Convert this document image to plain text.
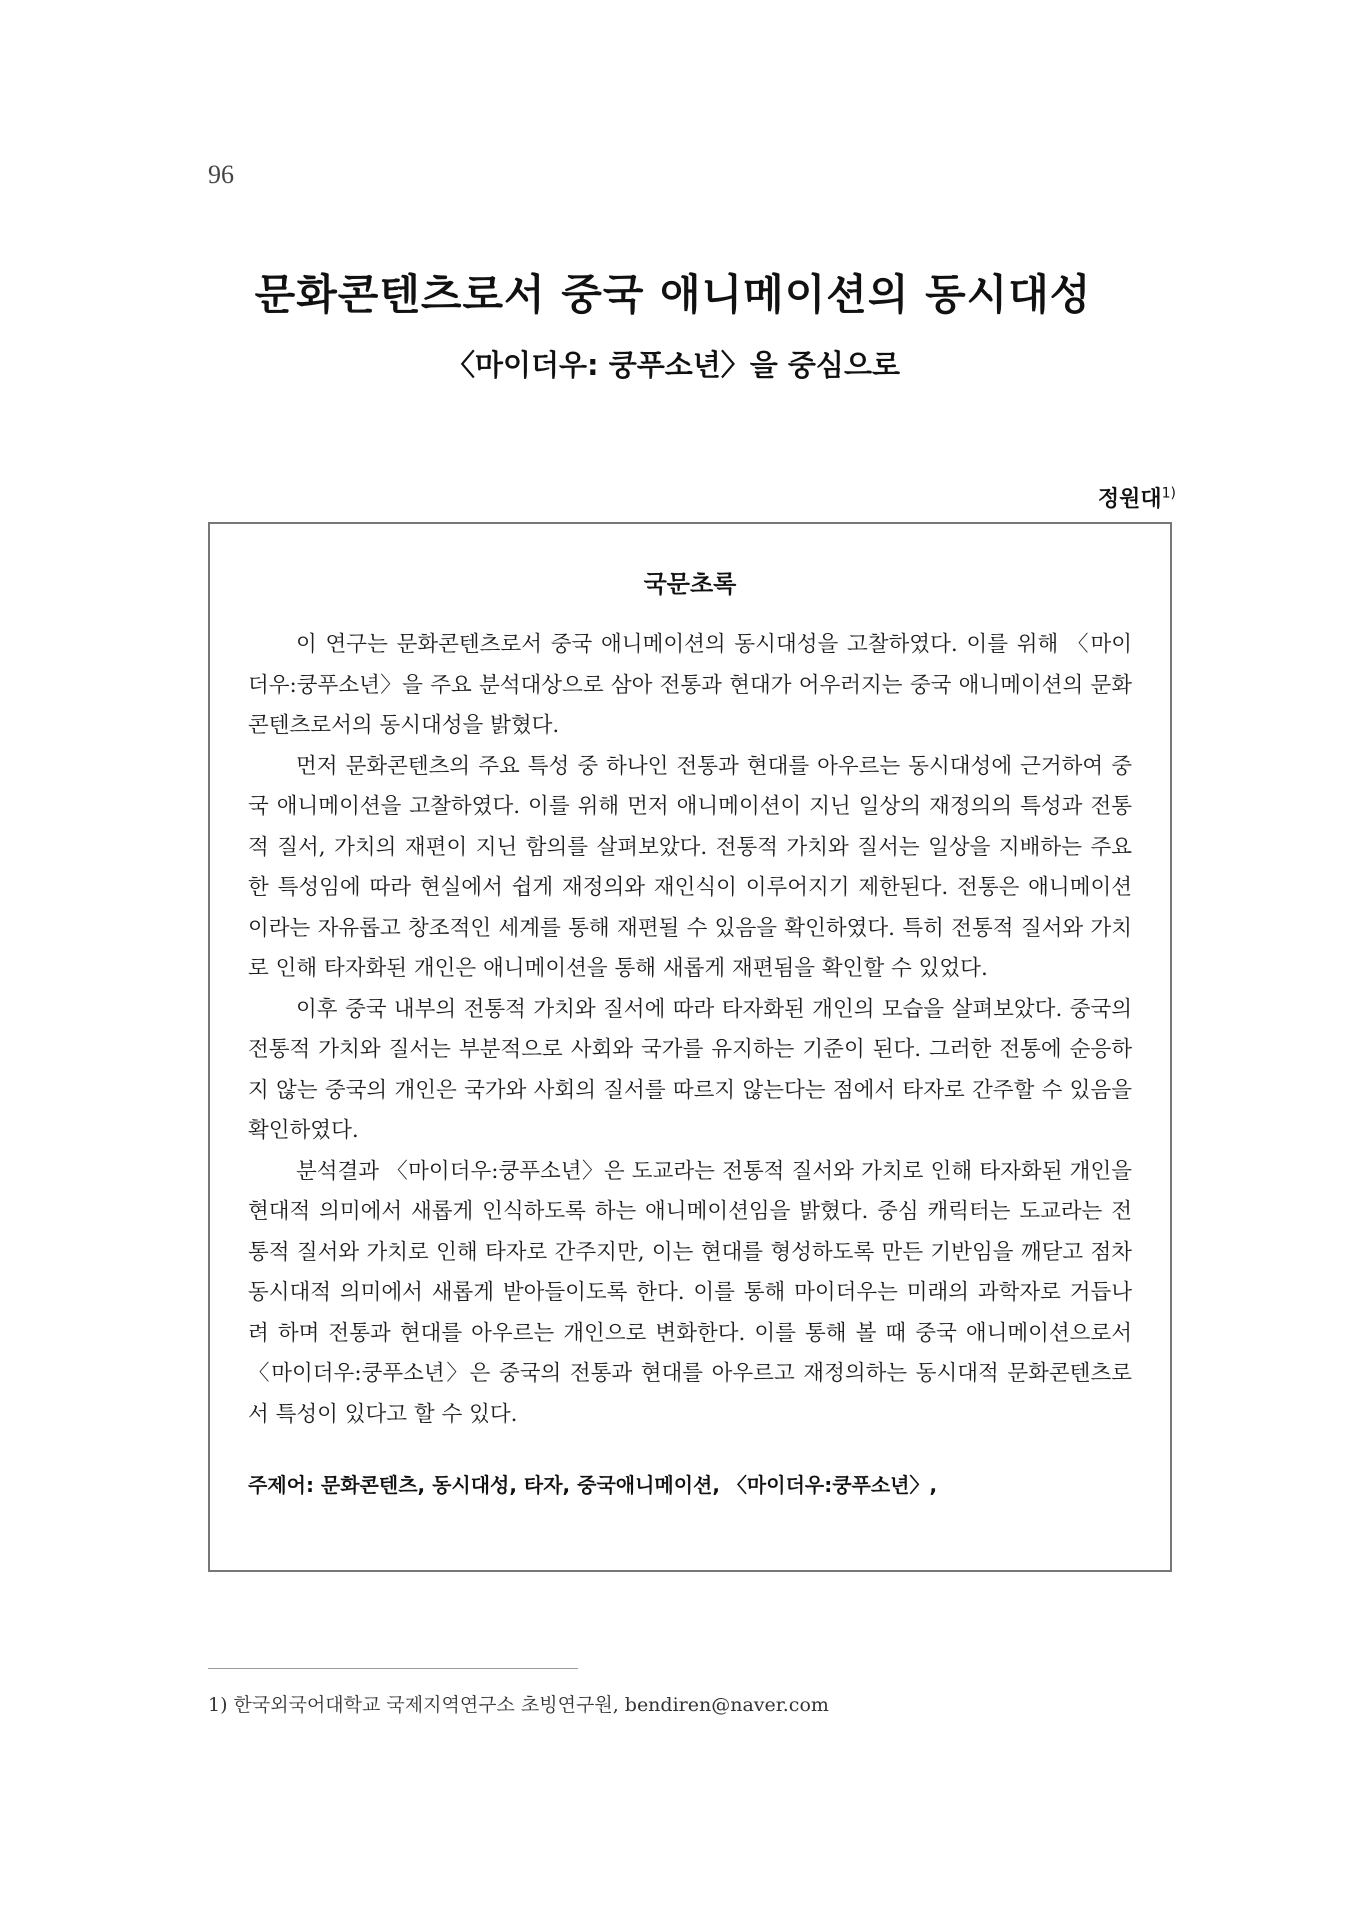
96
문화콘텐츠로서 중국 애니메이션의 동시대성
〈마이더우: 쿵푸소년〉을 중심으로
정원대$^{1)}$
국문초록

이 연구는 문화콘텐츠로서 중국 애니메이션의 동시대성을 고찰하였다. 이를 위해 〈마이더우:쿵푸소년〉을 주요 분석대상으로 삼아 전통과 현대가 어우러지는 중국 애니메이션의 문화콘텐츠로서의 동시대성을 밝혔다.

먼저 문화콘텐츠의 주요 특성 중 하나인 전통과 현대를 아우르는 동시대성에 근거하여 중국 애니메이션을 고찰하였다. 이를 위해 먼저 애니메이션이 지닌 일상의 재정의의 특성과 전통적 질서, 가치의 재편이 지닌 함의를 살펴보았다. 전통적 가치와 질서는 일상을 지배하는 주요한 특성임에 따라 현실에서 쉽게 재정의와 재인식이 이루어지기 제한된다. 전통은 애니메이션이라는 자유롭고 창조적인 세계를 통해 재편될 수 있음을 확인하였다. 특히 전통적 질서와 가치로 인해 타자화된 개인은 애니메이션을 통해 새롭게 재편됨을 확인할 수 있었다.

이후 중국 내부의 전통적 가치와 질서에 따라 타자화된 개인의 모습을 살펴보았다. 중국의 전통적 가치와 질서는 부분적으로 사회와 국가를 유지하는 기준이 된다. 그러한 전통에 순응하지 않는 중국의 개인은 국가와 사회의 질서를 따르지 않는다는 점에서 타자로 간주할 수 있음을 확인하였다.

분석결과 〈마이더우:쿵푸소년〉은 도교라는 전통적 질서와 가치로 인해 타자화된 개인을 현대적 의미에서 새롭게 인식하도록 하는 애니메이션임을 밝혔다. 중심 캐릭터는 도교라는 전통적 질서와 가치로 인해 타자로 간주지만, 이는 현대를 형성하도록 만든 기반임을 깨닫고 점차 동시대적 의미에서 새롭게 받아들이도록 한다. 이를 통해 마이더우는 미래의 과학자로 거듭나려 하며 전통과 현대를 아우르는 개인으로 변화한다. 이를 통해 볼 때 중국 애니메이션으로서 〈마이더우:쿵푸소년〉은 중국의 전통과 현대를 아우르고 재정의하는 동시대적 문화콘텐츠로서 특성이 있다고 할 수 있다.

주제어: 문화콘텐츠, 동시대성, 타자, 중국애니메이션, 〈마이더우:쿵푸소년〉,
1) 한국외국어대학교 국제지역연구소 초빙연구원, bendiren@naver.com
